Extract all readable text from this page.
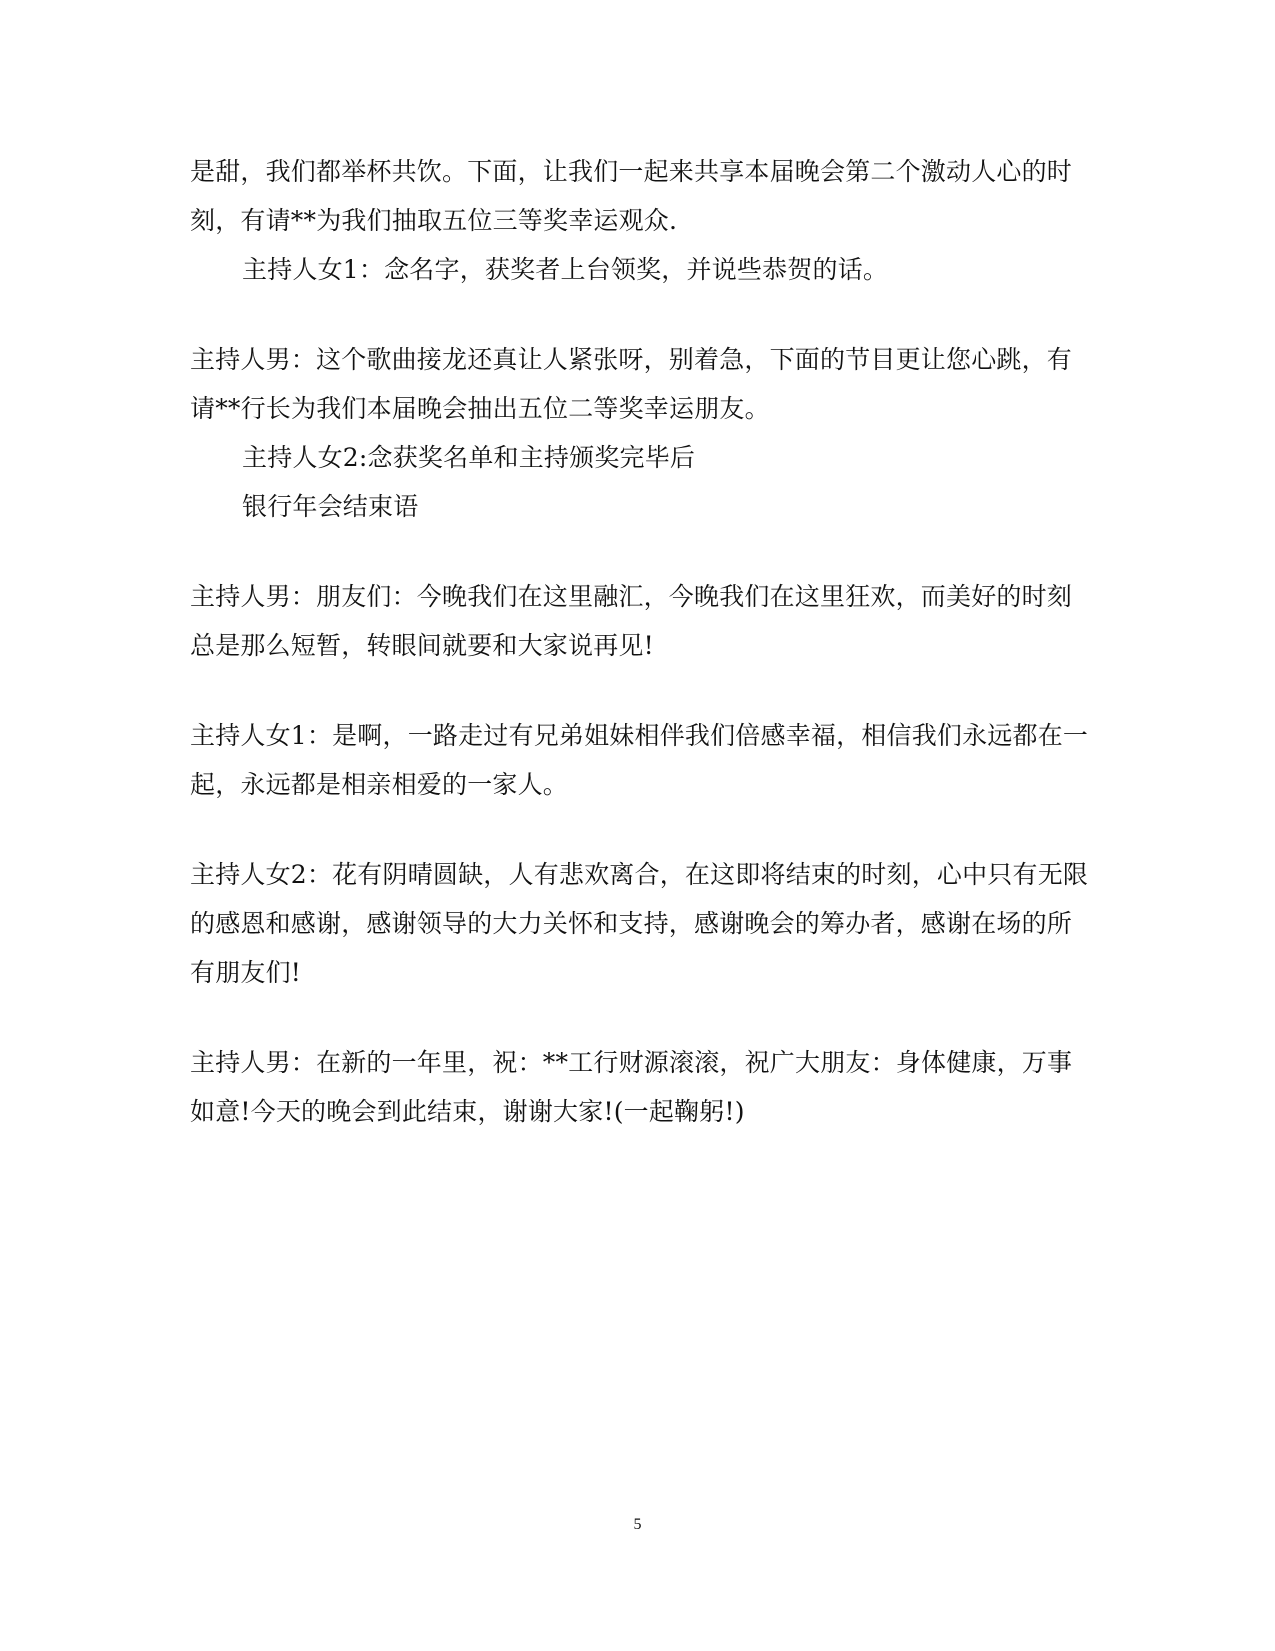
是甜，我们都举杯共饮。下面，让我们一起来共享本届晚会第二个激动人心的时
刻，有请**为我们抽取五位三等奖幸运观众.
主持人女1：念名字，获奖者上台领奖，并说些恭贺的话。
主持人男：这个歌曲接龙还真让人紧张呀，别着急，下面的节目更让您心跳，有
请**行长为我们本届晚会抽出五位二等奖幸运朋友。
主持人女2:念获奖名单和主持颁奖完毕后
银行年会结束语
主持人男：朋友们：今晚我们在这里融汇，今晚我们在这里狂欢，而美好的时刻
总是那么短暂，转眼间就要和大家说再见!
主持人女1：是啊，一路走过有兄弟姐妹相伴我们倍感幸福，相信我们永远都在一
起，永远都是相亲相爱的一家人。
主持人女2：花有阴晴圆缺，人有悲欢离合，在这即将结束的时刻，心中只有无限
的感恩和感谢，感谢领导的大力关怀和支持，感谢晚会的筹办者，感谢在场的所
有朋友们!
主持人男：在新的一年里，祝：**工行财源滚滚，祝广大朋友：身体健康，万事
如意!今天的晚会到此结束，谢谢大家!(一起鞠躬!)
5
